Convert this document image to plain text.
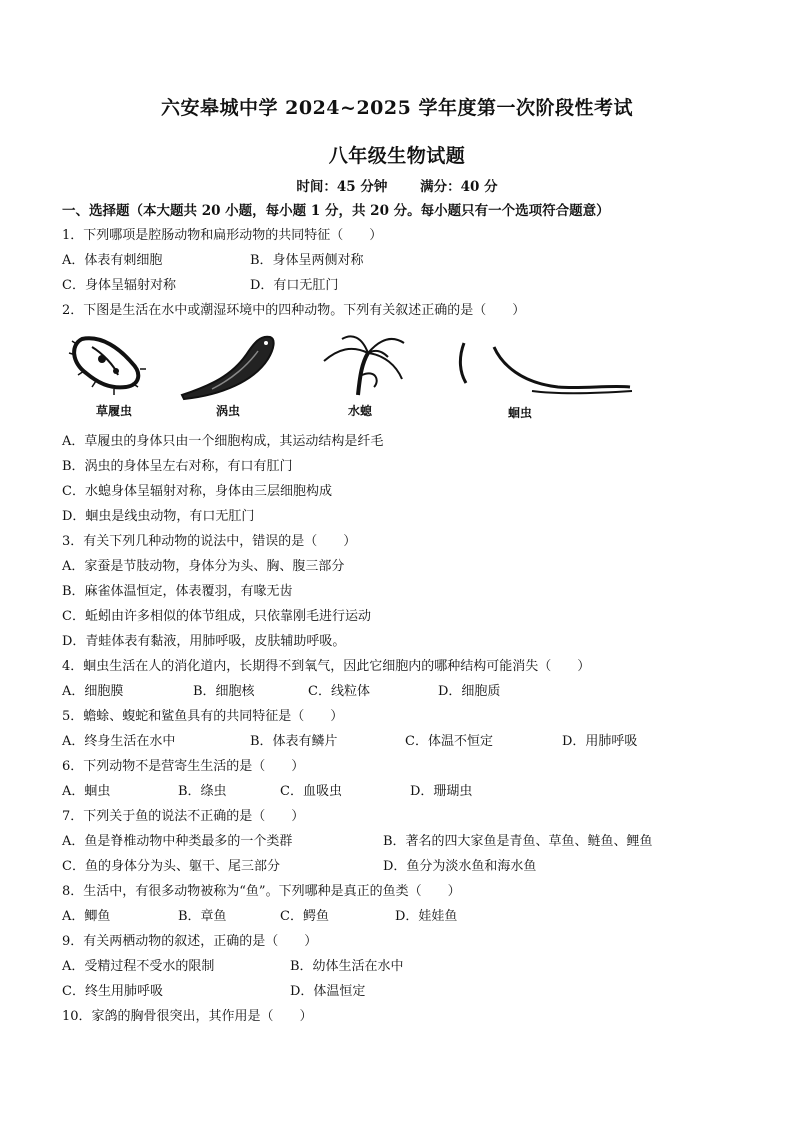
六安皋城中学 2024~2025 学年度第一次阶段性考试
八年级生物试题
时间：45 分钟 满分：40 分
一、选择题（本大题共 20 小题，每小题 1 分，共 20 分。每小题只有一个选项符合题意）
1．下列哪项是腔肠动物和扁形动物的共同特征（　　）
A．体表有刺细胞	B．身体呈两侧对称
C．身体呈辐射对称	D．有口无肛门
2．下图是生活在水中或潮湿环境中的四种动物。下列有关叙述正确的是（　　）
草履虫	涡虫	水螅	蛔虫
A．草履虫的身体只由一个细胞构成，其运动结构是纤毛
B．涡虫的身体呈左右对称，有口有肛门
C．水螅身体呈辐射对称，身体由三层细胞构成
D．蛔虫是线虫动物，有口无肛门
3．有关下列几种动物的说法中，错误的是（　　）
A．家蚕是节肢动物，身体分为头、胸、腹三部分
B．麻雀体温恒定，体表覆羽，有喙无齿
C．蚯蚓由许多相似的体节组成，只依靠刚毛进行运动
D．青蛙体表有黏液，用肺呼吸，皮肤辅助呼吸。
4．蛔虫生活在人的消化道内，长期得不到氧气，因此它细胞内的哪种结构可能消失（　　）
A．细胞膜	B．细胞核	C．线粒体	D．细胞质
5．蟾蜍、蝮蛇和鲨鱼具有的共同特征是（　　）
A．终身生活在水中	B．体表有鳞片	C．体温不恒定	D．用肺呼吸
6．下列动物不是营寄生生活的是（　　）
A．蛔虫	B．绦虫	C．血吸虫	D．珊瑚虫
7．下列关于鱼的说法不正确的是（　　）
A．鱼是脊椎动物中种类最多的一个类群	B．著名的四大家鱼是青鱼、草鱼、鲢鱼、鲤鱼
C．鱼的身体分为头、躯干、尾三部分	D．鱼分为淡水鱼和海水鱼
8．生活中，有很多动物被称为“鱼”。下列哪种是真正的鱼类（　　）
A．鲫鱼	B．章鱼	C．鳄鱼	D．娃娃鱼
9．有关两栖动物的叙述，正确的是（　　）
A．受精过程不受水的限制	B．幼体生活在水中
C．终生用肺呼吸	D．体温恒定
10．家鸽的胸骨很突出，其作用是（　　）
